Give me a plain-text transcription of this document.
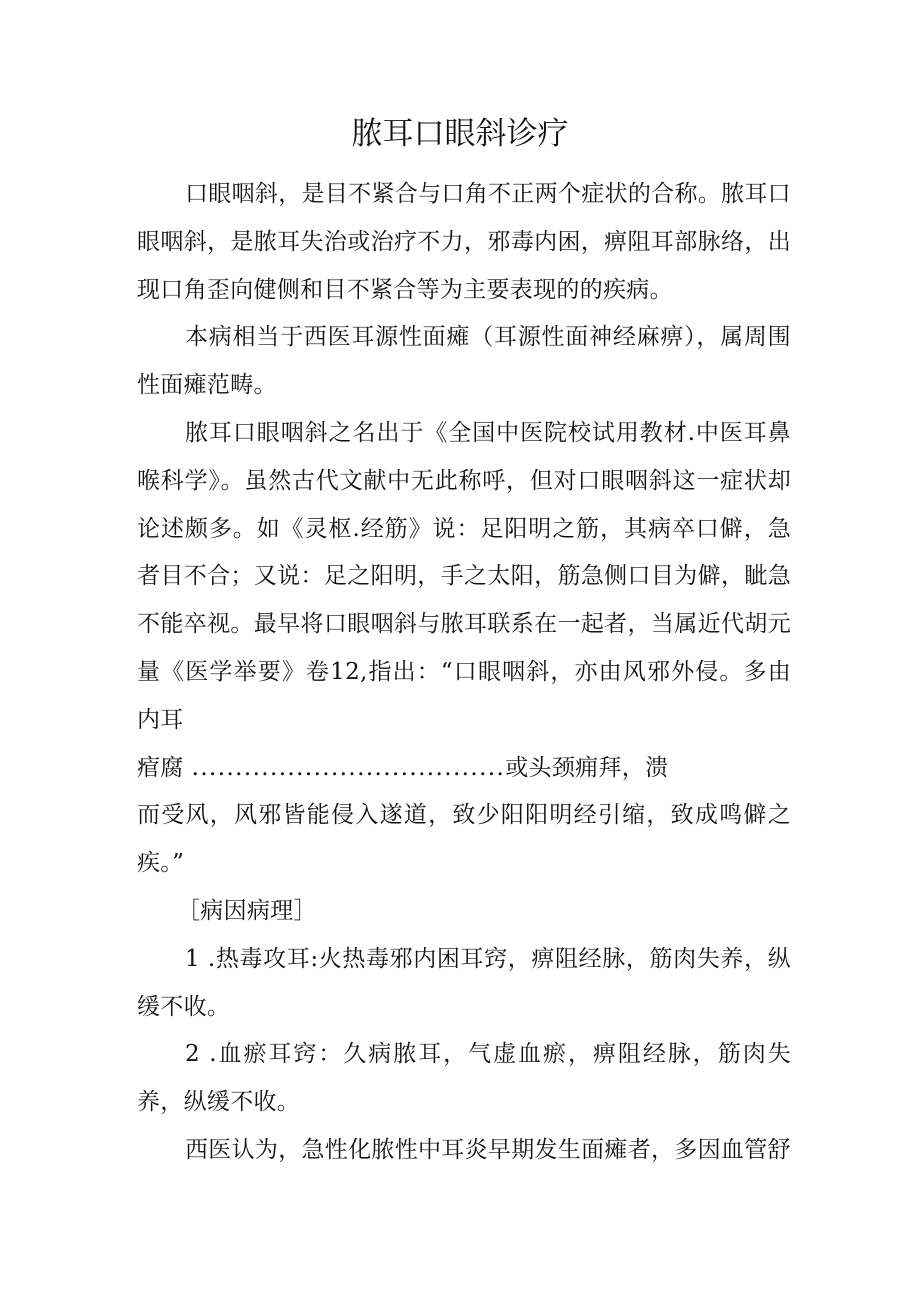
脓耳口眼斜诊疗

口眼咽斜，是目不紧合与口角不正两个症状的合称。脓耳口眼咽斜，是脓耳失治或治疗不力，邪毒内困，痹阻耳部脉络，出现口角歪向健侧和目不紧合等为主要表现的的疾病。

本病相当于西医耳源性面瘫（耳源性面神经麻痹），属周围性面瘫范畴。

脓耳口眼咽斜之名出于《全国中医院校试用教材.中医耳鼻喉科学》。虽然古代文献中无此称呼，但对口眼咽斜这一症状却论述颇多。如《灵枢.经筋》说：足阳明之筋，其病卒口僻，急者目不合；又说：足之阳明，手之太阳，筋急侧口目为僻，眦急不能卒视。最早将口眼咽斜与脓耳联系在一起者，当属近代胡元量《医学举要》卷12,指出：“口眼咽斜，亦由风邪外侵。多由内耳

痯腐 ....................................或头颈痈拜，溃
而受风，风邪皆能侵入遂道，致少阳阳明经引缩，致成鸣僻之疾。”

［病因病理］

1 .热毒攻耳:火热毒邪内困耳窍，痹阻经脉，筋肉失养，纵缓不收。

2 .血瘀耳窍：久病脓耳，气虚血瘀，痹阻经脉，筋肉失养，纵缓不收。

西医认为，急性化脓性中耳炎早期发生面瘫者，多因血管舒
